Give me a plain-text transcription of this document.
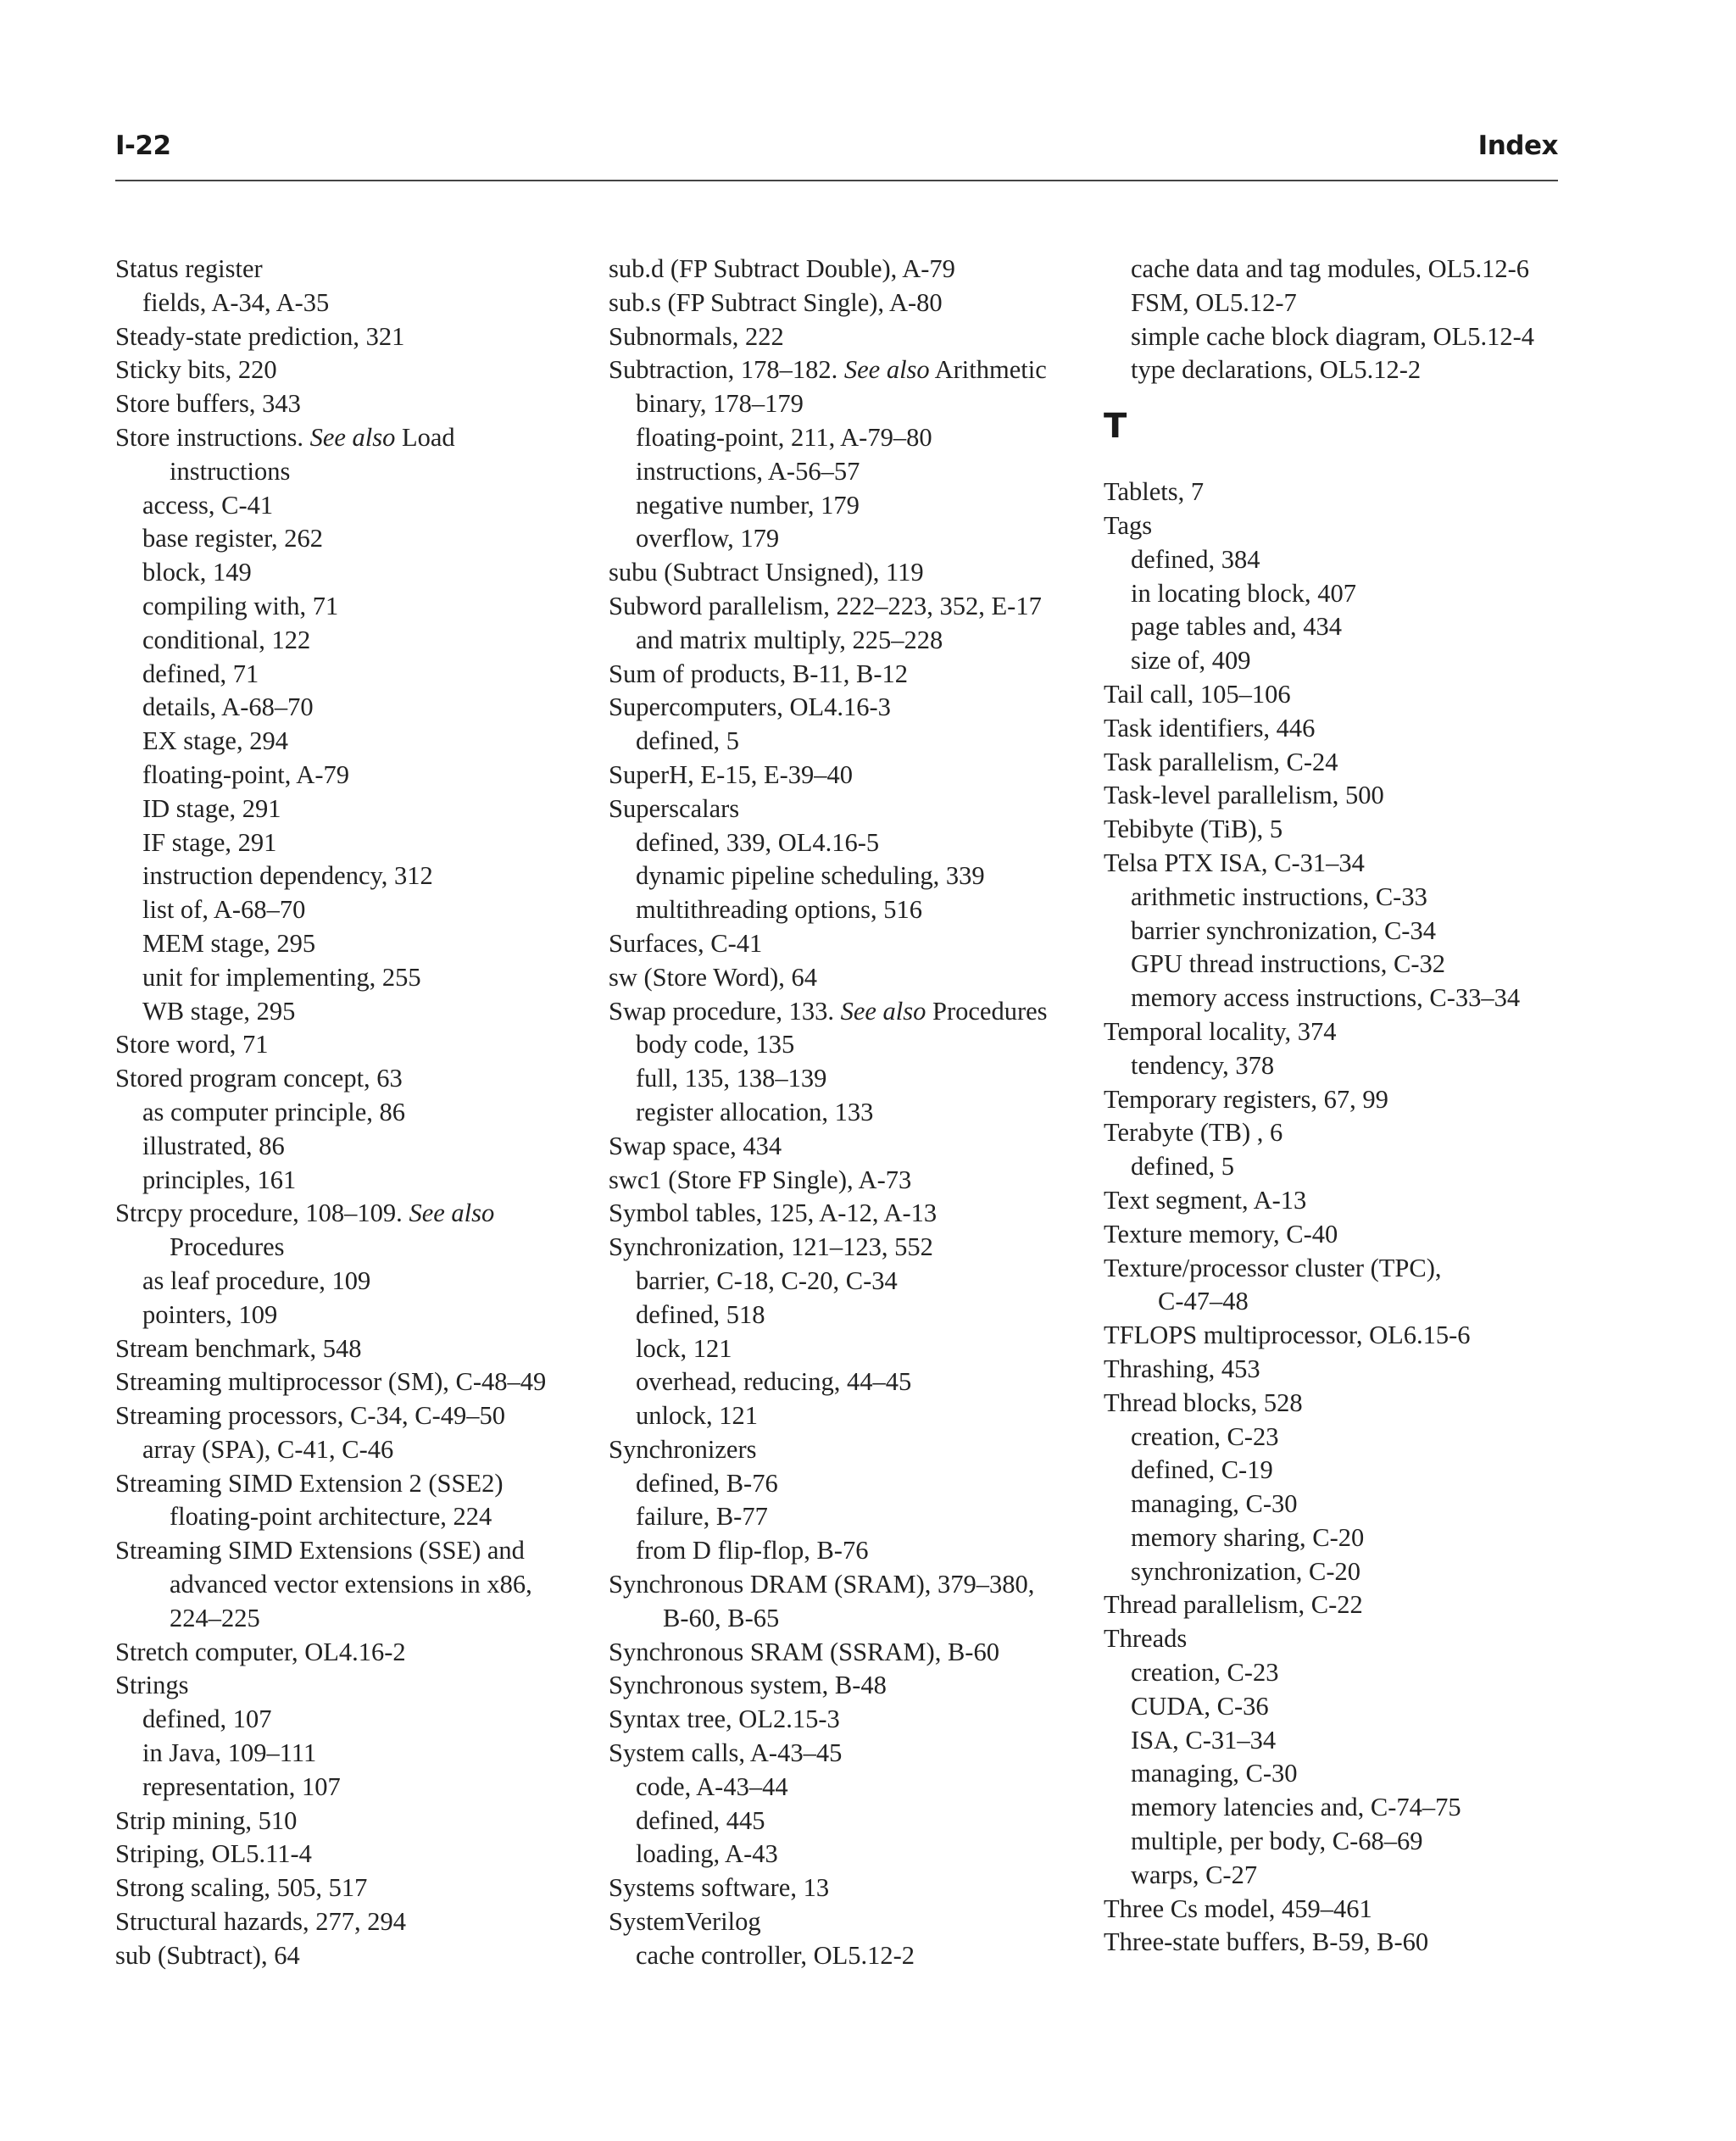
I-22	Index
Status register
fields, A-34, A-35
Steady-state prediction, 321
Sticky bits, 220
Store buffers, 343
Store instructions. See also Load
instructions
access, C-41
base register, 262
block, 149
compiling with, 71
conditional, 122
defined, 71
details, A-68–70
EX stage, 294
floating-point, A-79
ID stage, 291
IF stage, 291
instruction dependency, 312
list of, A-68–70
MEM stage, 295
unit for implementing, 255
WB stage, 295
Store word, 71
Stored program concept, 63
as computer principle, 86
illustrated, 86
principles, 161
Strcpy procedure, 108–109. See also
Procedures
as leaf procedure, 109
pointers, 109
Stream benchmark, 548
Streaming multiprocessor (SM), C-48–49
Streaming processors, C-34, C-49–50
array (SPA), C-41, C-46
Streaming SIMD Extension 2 (SSE2)
floating-point architecture, 224
Streaming SIMD Extensions (SSE) and
advanced vector extensions in x86,
224–225
Stretch computer, OL4.16-2
Strings
defined, 107
in Java, 109–111
representation, 107
Strip mining, 510
Striping, OL5.11-4
Strong scaling, 505, 517
Structural hazards, 277, 294
sub (Subtract), 64
sub.d (FP Subtract Double), A-79
sub.s (FP Subtract Single), A-80
Subnormals, 222
Subtraction, 178–182. See also Arithmetic
binary, 178–179
floating-point, 211, A-79–80
instructions, A-56–57
negative number, 179
overflow, 179
subu (Subtract Unsigned), 119
Subword parallelism, 222–223, 352, E-17
and matrix multiply, 225–228
Sum of products, B-11, B-12
Supercomputers, OL4.16-3
defined, 5
SuperH, E-15, E-39–40
Superscalars
defined, 339, OL4.16-5
dynamic pipeline scheduling, 339
multithreading options, 516
Surfaces, C-41
sw (Store Word), 64
Swap procedure, 133. See also Procedures
body code, 135
full, 135, 138–139
register allocation, 133
Swap space, 434
swc1 (Store FP Single), A-73
Symbol tables, 125, A-12, A-13
Synchronization, 121–123, 552
barrier, C-18, C-20, C-34
defined, 518
lock, 121
overhead, reducing, 44–45
unlock, 121
Synchronizers
defined, B-76
failure, B-77
from D flip-flop, B-76
Synchronous DRAM (SRAM), 379–380,
B-60, B-65
Synchronous SRAM (SSRAM), B-60
Synchronous system, B-48
Syntax tree, OL2.15-3
System calls, A-43–45
code, A-43–44
defined, 445
loading, A-43
Systems software, 13
SystemVerilog
cache controller, OL5.12-2
cache data and tag modules, OL5.12-6
FSM, OL5.12-7
simple cache block diagram, OL5.12-4
type declarations, OL5.12-2
T
Tablets, 7
Tags
defined, 384
in locating block, 407
page tables and, 434
size of, 409
Tail call, 105–106
Task identifiers, 446
Task parallelism, C-24
Task-level parallelism, 500
Tebibyte (TiB), 5
Telsa PTX ISA, C-31–34
arithmetic instructions, C-33
barrier synchronization, C-34
GPU thread instructions, C-32
memory access instructions, C-33–34
Temporal locality, 374
tendency, 378
Temporary registers, 67, 99
Terabyte (TB) , 6
defined, 5
Text segment, A-13
Texture memory, C-40
Texture/processor cluster (TPC),
C-47–48
TFLOPS multiprocessor, OL6.15-6
Thrashing, 453
Thread blocks, 528
creation, C-23
defined, C-19
managing, C-30
memory sharing, C-20
synchronization, C-20
Thread parallelism, C-22
Threads
creation, C-23
CUDA, C-36
ISA, C-31–34
managing, C-30
memory latencies and, C-74–75
multiple, per body, C-68–69
warps, C-27
Three Cs model, 459–461
Three-state buffers, B-59, B-60
